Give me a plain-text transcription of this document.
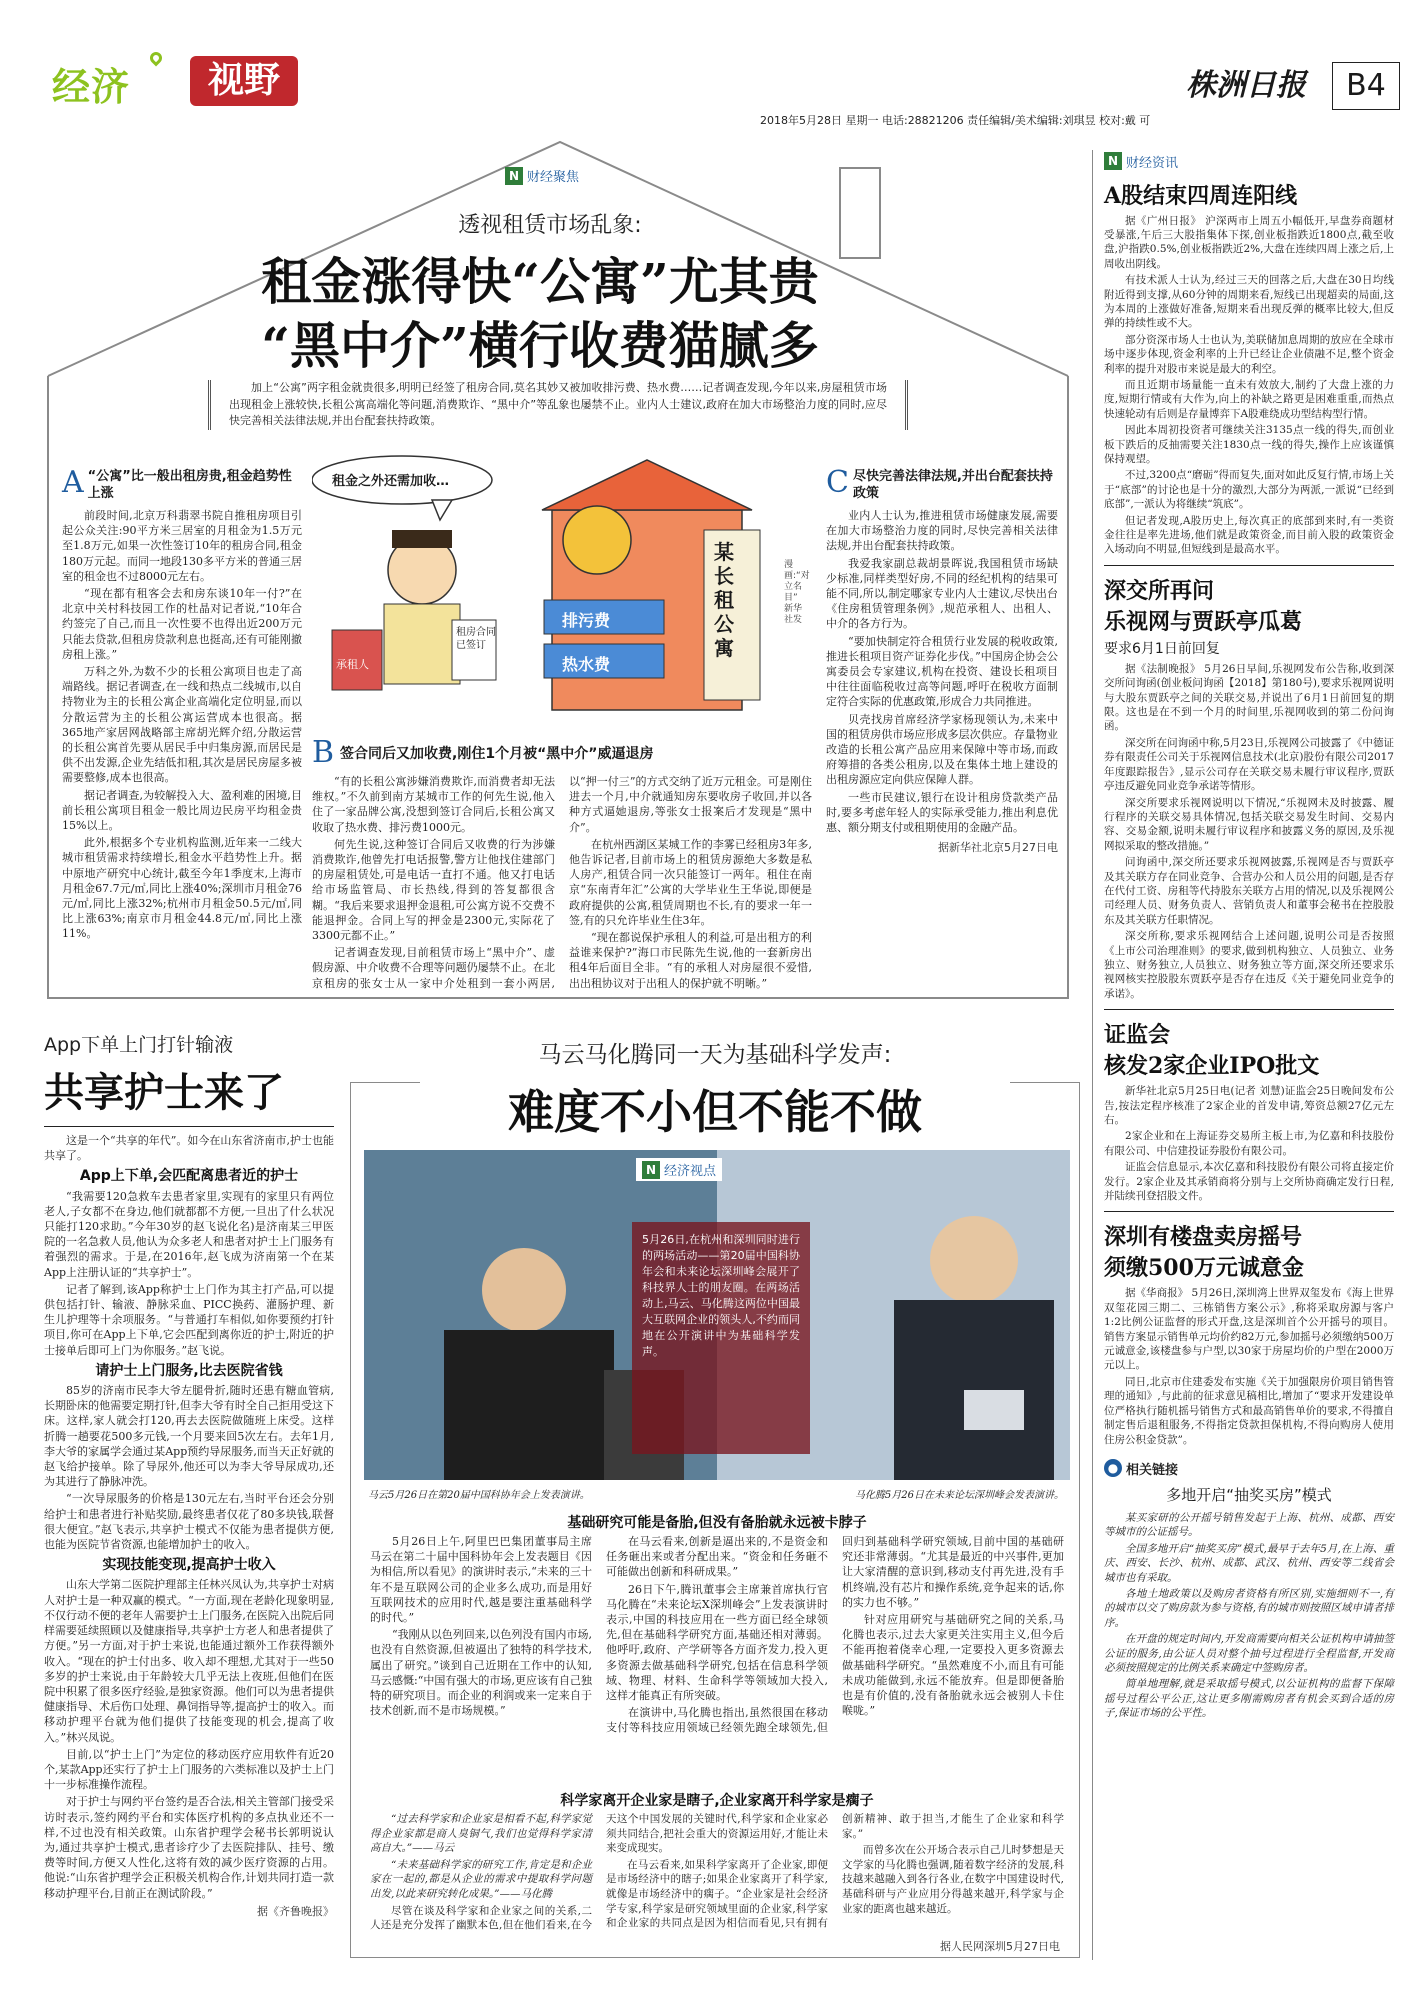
经济	视野	株洲日报	B4
2018年5月28日 星期一 电话:28821206 责任编辑/美术编辑:刘琪昱 校对:戴 可
N 财经聚焦
透视租赁市场乱象:
租金涨得快“公寓”尤其贵
“黑中介”横行收费猫腻多

加上“公寓”两字租金就贵很多,明明已经签了租房合同,莫名其妙又被加收排污费、热水费……记者调查发现,今年以来,房屋租赁市场出现租金上涨较快,长租公寓高端化等问题,消费欺诈、“黑中介”等乱象也屡禁不止。业内人士建议,政府在加大市场整治力度的同时,应尽快完善相关法律法规,并出台配套扶持政策。

A “公寓”比一般出租房贵,租金趋势性上涨

前段时间,北京万科翡翠书院自推租房项目引起公众关注:90平方米三居室的月租金为1.5万元至1.8万元,如果一次性签订10年的租房合同,租金180万元起。而同一地段130多平方米的普通三居室的租金也不过8000元左右。

“现在都有租客会去和房东谈10年一付?”在北京中关村科技园工作的杜晶对记者说,“10年合约签完了自己,而且一次性要不也得出近200万元只能去贷款,但租房贷款利息也挺高,还有可能刚撤房租上涨。”

万科之外,为数不少的长租公寓项目也走了高端路线。据记者调查,在一线和热点二线城市,以自持物业为主的长租公寓企业高端化定位明显,而以分散运营为主的长租公寓运营成本也很高。据365地产家居网战略部主席胡光辉介绍,分散运营的长租公寓首先要从居民手中归集房源,而居民是供不出发源,企业先结低扣租,其次是居民房屋多被需要整修,成本也很高。

据记者调查,为较解投入大、盈利难的困境,目前长租公寓项目租金一般比周边民房平均租金贵15%以上。

此外,根据多个专业机构监测,近年来一二线大城市租赁需求持续增长,租金水平趋势性上升。据中原地产研究中心统计,截至今年1季度末,上海市月租金67.7元/㎡,同比上涨40%;深圳市月租金76元/㎡,同比上涨32%;杭州市月租金50.5元/㎡,同比上涨63%;南京市月租金44.8元/㎡,同比上涨11%。

租金之外还需加收…
排污费
热水费
某长租公寓
承租人
租房合同已签订
漫画:“对立名目” 新华社发
B 签合同后又加收费,刚住1个月被“黑中介”威逼退房

“有的长租公寓涉嫌消费欺诈,而消费者却无法维权。”不久前到南方某城市工作的何先生说,他入住了一家品牌公寓,没想到签订合同后,长租公寓又收取了热水费、排污费1000元。

何先生说,这种签订合同后又收费的行为涉嫌消费欺诈,他曾先打电话报警,警方让他找住建部门的房屋租赁处,可是电话一直打不通。他又打电话给市场监管局、市长热线,得到的答复都很含糊。“我后来要求退押金退租,可公寓方说不交费不能退押金。合同上写的押金是2300元,实际花了3300元都不止。”

记者调查发现,目前租赁市场上“黑中介”、虚假房源、中介收费不合理等问题仍屡禁不止。在北京租房的张女士从一家中介处租到一套小两居,以“押一付三”的方式交纳了近万元租金。可是刚住进去一个月,中介就通知房东要收房子收回,并以各种方式逼她退房,等张女士报案后才发现是“黑中介”。

在杭州西湖区某城工作的李雾已经租房3年多,他告诉记者,目前市场上的租赁房源绝大多数是私人房产,租赁合同一次只能签订一两年。租住在南京“东南青年汇”公寓的大学毕业生王华说,即便是政府提供的公寓,租赁周期也不长,有的要求一年一签,有的只允许毕业生住3年。

“现在都说保护承租人的利益,可是出租方的利益谁来保护?”海口市民陈先生说,他的一套新房出租4年后面目全非。“有的承租人对房屋很不爱惜,出出租协议对于出租人的保护就不明晰。”

C 尽快完善法律法规,并出台配套扶持政策

业内人士认为,推进租赁市场健康发展,需要在加大市场整治力度的同时,尽快完善相关法律法规,并出台配套扶持政策。

我爱我家副总裁胡景晖说,我国租赁市场缺少标准,同样类型好房,不同的经纪机构的结果可能不同,所以,制定哪家专业内人士建议,尽快出台《住房租赁管理条例》,规范承租人、出租人、中介的各方行为。

“要加快制定符合租赁行业发展的税收政策,推进长租项目资产证券化步伐。”中国房企协会公寓委员会专家建议,机构在投资、建设长租项目中往往面临税收过高等问题,呼吁在税收方面制定符合实际的优惠政策,形成合力共同推进。

贝壳找房首席经济学家杨现领认为,未来中国的租赁房供市场应形成多层次供应。存量物业改造的长租公寓产品应用来保障中等市场,而政府筹措的各类公租房,以及在集体土地上建设的出租房源应定向供应保障人群。

一些市民建议,银行在设计租房贷款类产品时,要多考虑年轻人的实际承受能力,推出利息优惠、额分期支付或租期使用的金融产品。

据新华社北京5月27日电
App下单上门打针输液
共享护士来了

这是一个“共享的年代”。如今在山东省济南市,护士也能共享了。

App上下单,会匹配离患者近的护士

“我需要120急救车去患者家里,实现有的家里只有两位老人,子女都不在身边,他们就都都不方便,一旦出了什么状况只能打120求助。”今年30岁的赵飞说化名)是济南某三甲医院的一名急救人员,他认为众多老人和患者对护士上门服务有着强烈的需求。于是,在2016年,赵飞成为济南第一个在某App上注册认证的“共享护士”。

记者了解到,该App称护士上门作为其主打产品,可以提供包括打针、输液、静脉采血、PICC换药、灌肠护理、新生儿护理等十余项服务。“与普通打车相似,如你要预约打针项目,你可在App上下单,它会匹配到离你近的护士,附近的护士接单后即可上门为你服务。”赵飞说。

请护士上门服务,比去医院省钱

85岁的济南市民李大爷左腿骨折,随时还患有糖血管病,长期卧床的他需要定期打针,但李大爷有时全自己拒用受这下床。这样,家人就会打120,再去去医院做随班上床受。这样折腾一趟要花500多元钱,一个月要来回5次左右。去年1月,李大爷的家属学会通过某App预约导尿服务,而当天正好就的赵飞给护接单。除了导尿外,他还可以为李大爷导尿成功,还为其进行了静脉冲洗。

“一次导尿服务的价格是130元左右,当时平台还会分别给护士和患者进行补贴奖励,最终患者仅花了80多块钱,联督很大便宜。”赵飞表示,共享护士模式不仅能为患者提供方便,也能为医院节省资源,也能增加护士的收入。

实现技能变现,提高护士收入

山东大学第二医院护理部主任林兴凤认为,共享护士对病人对护士是一种双赢的模式。“一方面,现在老龄化现象明显,不仅行动不便的老年人需要护士上门服务,在医院入出院后同样需要延续照顾以及健康指导,共享护士方老人和患者提供了方便。”另一方面,对于护士来说,也能通过额外工作获得额外收入。“现在的护士付出多、收入却不理想,尤其对于一些50多岁的护士来说,由于年龄较大几乎无法上夜班,但他们在医院中积累了很多医疗经验,是独家资源。他们可以为患者提供健康指导、术后伤口处理、鼻饲指导等,提高护士的收入。而移动护理平台就为他们提供了技能变现的机会,提高了收入。”林兴凤说。

目前,以“护士上门”为定位的移动医疗应用软件有近20个,某款App还实行了护士上门服务的六类标准以及护士上门十一步标准操作流程。

对于护士与网约平台签约是否合法,相关主管部门接受采访时表示,签约网约平台和实体医疗机构的多点执业还不一样,不过也没有相关政策。山东省护理学会秘书长郭明说认为,通过共享护士模式,患者诊疗少了去医院排队、挂号、缴费等时间,方便又人性化,这将有效的减少医疗资源的占用。他说:“山东省护理学会正积极关机构合作,计划共同打造一款移动护理平台,目前正在测试阶段。”

据《齐鲁晚报》
马云马化腾同一天为基础科学发声:
难度不小但不能不做
N 经济视点

5月26日,在杭州和深圳同时进行的两场活动——第20届中国科协年会和未来论坛深圳峰会展开了科技界人士的朋友圈。在两场活动上,马云、马化腾这两位中国最大互联网企业的领头人,不约而同地在公开演讲中为基础科学发声。

马云5月26日在第20届中国科协年会上发表演讲。	马化腾5月26日在未来论坛深圳峰会发表演讲。
基础研究可能是备胎,但没有备胎就永远被卡脖子

5月26日上午,阿里巴巴集团董事局主席马云在第二十届中国科协年会上发表题目《因为相信,所以看见》的演讲时表示,“未来的三十年不是互联网公司的企业多么成功,而是用好互联网技术的应用时代,越是要注重基础科学的时代。”

“我刚从以色列回来,以色列没有国内市场,也没有自然资源,但被逼出了独特的科学技术,属出了研究。”谈到自己近期在工作中的认知,马云感慨:“中国有强大的市场,更应该有自己独特的研究项目。而企业的利润或来一定来自于技术创新,而不是市场规模。”

在马云看来,创新是逼出来的,不是资金和任务砸出来或者分配出来。“资金和任务砸不可能做出创新和科研成果。”

26日下午,腾讯董事会主席兼首席执行官马化腾在“未来论坛X深圳峰会”上发表演讲时表示,中国的科技应用在一些方面已经全球领先,但在基础科学研究方面,基础还相对薄弱。他呼吁,政府、产学研等各方面齐发力,投入更多资源去做基础科学研究,包括在信息科学领域、物理、材料、生命科学等领域加大投入,这样才能真正有所突破。

在演讲中,马化腾也指出,虽然很国在移动支付等科技应用领域已经领先跑全球领先,但回归到基础科学研究领域,目前中国的基础研究还非常薄弱。“尤其是最近的中兴事件,更加让大家清醒的意识到,移动支付再先进,没有手机终端,没有芯片和操作系统,竞争起来的话,你的实力也不够。”

针对应用研究与基础研究之间的关系,马化腾也表示,过去大家更关注实用主义,但今后不能再抱着侥幸心理,一定要投入更多资源去做基础科学研究。“虽然难度不小,而且有可能未成功能做到,永远不能放弃。但是即便备胎也是有价值的,没有备胎就永远会被别人卡住喉咙。”

科学家离开企业家是瞎子,企业家离开科学家是瘸子

“过去科学家和企业家是相看不起,科学家觉得企业家都是商人臭铜气,我们也觉得科学家清高自大。”——马云

“未来基础科学家的研究工作,肯定是和企业家在一起的,都是从企业的需求中提取科学问题出发,以此来研究转化成果。”——马化腾

尽管在谈及科学家和企业家之间的关系,二人还是充分发挥了幽默本色,但在他们看来,在今天这个中国发展的关键时代,科学家和企业家必须共同结合,把社会重大的资源运用好,才能让未来变成现实。

在马云看来,如果科学家离开了企业家,即便是市场经济中的瞎子;如果企业家离开了科学家,就像是市场经济中的瘸子。“企业家是社会经济学专家,科学家是研究领域里面的企业家,科学家和企业家的共同点是因为相信而看见,只有拥有创新精神、敢于担当,才能生了企业家和科学家。”

而曾多次在公开场合表示自己儿时梦想是天文学家的马化腾也强调,随着数字经济的发展,科技越来越融入到各行各业,在数字中国建设时代,基础科研与产业应用分得越来越开,科学家与企业家的距离也越来越近。

据人民网深圳5月27日电
N 财经资讯
A股结束四周连阳线

据《广州日报》 沪深两市上周五小幅低开,早盘券商题材受暴涨,午后三大股指集体下探,创业板指跌近1800点,截至收盘,沪指跌0.5%,创业板指跌近2%,大盘在连续四周上涨之后,上周收出阴线。

有技术派人士认为,经过三天的回落之后,大盘在30日均线附近得到支撑,从60分钟的周期来看,短线已出现超卖的局面,这为本周的上涨做好准备,短期来看出现反弹的概率比较大,但反弹的持续性或不大。

部分资深市场人士也认为,美联储加息周期的放应在全球市场中逐步体现,资金利率的上升已经让企业债融不足,整个资金利率的提升对股市来说是最大的利空。

而且近期市场量能一直未有效放大,制约了大盘上涨的力度,短期行情或有大作为,向上的补缺之路更是困难重重,而热点快速轮动有后则是存量博弈下A股难绕成功型结构型行情。

因此本周初投资者可继续关注3135点一线的得失,而创业板下跌后的反抽需要关注1830点一线的得失,操作上应该谨慎保持观望。

不过,3200点“磨砺”得而复失,面对如此反复行情,市场上关于“底部”的讨论也是十分的激烈,大部分为两派,一派说“已经到底部”,一派认为将继续“筑底”。

但记者发现,A股历史上,每次真正的底部到来时,有一类资金往往是率先进场,他们就是政策资金,而目前入股的政策资金入场动向不明显,但短线到是最高水平。

深交所再问
乐视网与贾跃亭瓜葛
要求6月1日前回复

据《法制晚报》 5月26日早间,乐视网发布公告称,收到深交所问询函(创业板问询函【2018】第180号),要求乐视网说明与大股东贾跃亭之间的关联交易,并说出了6月1日前回复的期限。这也是在不到一个月的时间里,乐视网收到的第二份问询函。

深交所在问询函中称,5月23日,乐视网公司披露了《中德证券有限责任公司关于乐视网信息技术(北京)股份有限公司2017年度跟踪报告》,显示公司存在关联交易未履行审议程序,贾跃亭违反避免同业竞争承诺等情形。

深交所要求乐视网说明以下情况,“乐视网未及时披露、履行程序的关联交易具体情况,包括关联交易发生时间、交易内容、交易金额,说明未履行审议程序和披露义务的原因,及乐视网拟采取的整改措施。”

问询函中,深交所还要求乐视网披露,乐视网是否与贾跃亭及其关联方存在同业竞争、合营办公和人员公用的问题,是否存在代付工资、房租等代持股东关联方占用的情况,以及乐视网公司经理人员、财务负责人、营销负责人和董事会秘书在控股股东及其关联方任职情况。

深交所称,要求乐视网结合上述问题,说明公司是否按照《上市公司治理准则》的要求,做到机构独立、人员独立、业务独立、财务独立,人员独立、财务独立等方面,深交所还要求乐视网核实控股股东贾跃亭是否存在违反《关于避免同业竞争的承诺》。

证监会
核发2家企业IPO批文

新华社北京5月25日电(记者 刘慧)证监会25日晚间发布公告,按法定程序核准了2家企业的首发申请,筹资总额27亿元左右。

2家企业和在上海证券交易所主板上市,为亿嘉和科技股份有限公司、中信建投证券股份有限公司。

证监会信息显示,本次亿嘉和科技股份有限公司将直接定价发行。2家企业及其承销商将分别与上交所协商确定发行日程,并陆续刊登招股文件。

深圳有楼盘卖房摇号
须缴500万元诚意金

据《华商报》 5月26日,深圳湾上世界双玺发布《海上世界双玺花园三期二、三栋销售方案公示》,称将采取房源与客户1:2比例公证监督的形式开盘,这是深圳首个公开摇号的项目。销售方案显示销售单元均价约82万元,参加摇号必须缴纳500万元诚意金,该楼盘参与户型,以30家于房屋均价的户型在2000万元以上。

同日,北京市住建委发布实施《关于加强限房价项目销售管理的通知》,与此前的征求意见稿相比,增加了“要求开发建设单位严格执行随机摇号销售方式和最高销售单价的要求,不得擅自制定售后退租服务,不得指定贷款担保机构,不得向购房人使用住房公积金贷款”。

● 相关链接
多地开启“抽奖买房”模式

某买家研的公开摇号销售发起于上海、杭州、成都、西安等城市的公证摇号。

全国多地开启“抽奖买房”模式,最早于去年5月,在上海、重庆、西安、长沙、杭州、成都、武汉、杭州、西安等二线省会城市也有采取。

各地土地政策以及购房者资格有所区别,实施细则不一,有的城市以交了购房款为参与资格,有的城市则按照区域申请者排序。

在开盘的规定时间内,开发商需要向相关公证机构申请抽签公证的服务,由公证人员对整个抽号过程进行全程监督,开发商必须按照规定的比例关系来确定中签购房者。

简单地理解,就是采取摇号模式,以公证机构的监督下保障摇号过程公平公正,这让更多刚需购房者有机会买到合适的房子,保证市场的公平性。
